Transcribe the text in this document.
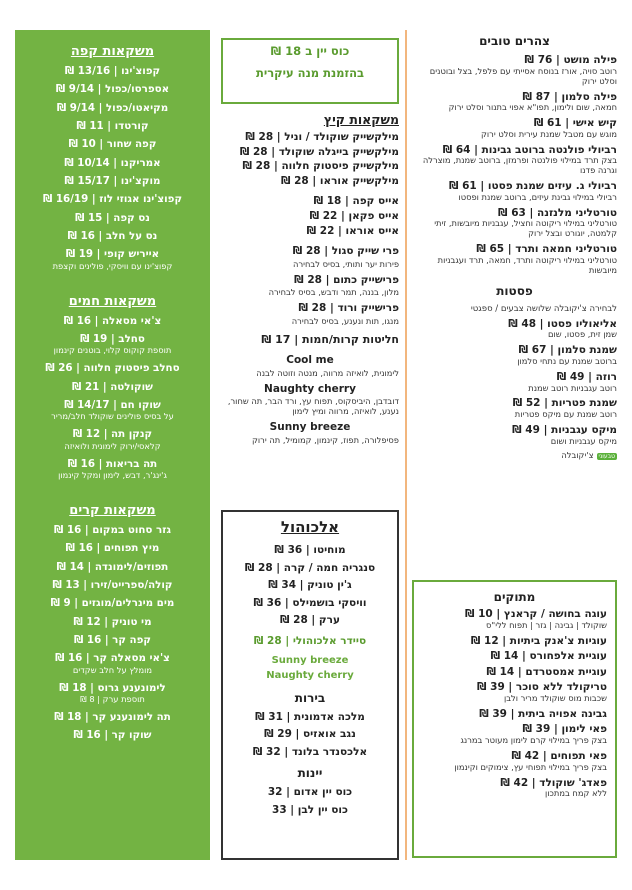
צהרים טובים
פילה מושט | 76 ₪
רוטב סויה, אורז בנוסח אסייתי עם פלפל, בצל ובוטנים וסלט ירוק
פילה סלמון | 87 ₪
חמאה, שום ולימון, תפו"א אפוי בתנור וסלט ירוק
קיש אישי | 61 ₪
מוגש עם מטבל שמנת עירית וסלט ירוק
רביולי פולנטה ברוטב גבינות | 64 ₪
בצק תרד במילוי פולנטה ופרמזן, ברוטב שמנת, מוצרלה וגרנה פדנו
רביולי ג. עיזים שמנת פסטו | 61 ₪
רביולי במילוי גבינת עיזים, ברוטב שמנת ופסטו
טורטליני מלנזנה | 63 ₪
טורטליני במילוי ריקוטה וחציל, עגבניות מיובשות, זיתי קלמטה, יוגורט ובצל ירוק
טורטליני חמאה ותרד | 65 ₪
טורטליני במילוי ריקוטה ותרד, חמאה, תרד ועגבניות מיובשות
פסטות
לבחירה צ'יקובלה שלושה צבעים / ספגטי
אליאוליו פסטו | 48 ₪
שמן זית, פסטו, שום
שמנת סלמון | 67 ₪
ברוטב שמנת עם נתחי סלמון
רוזה | 49 ₪
רוטב עגבניות רוטב שמנת
שמנת פטריות | 52 ₪
רוטב שמנת עם מיקס פטריות
מיקס עגבניות | 49 ₪
מיקס עגבניות ושום
טבעוניצ'יקובלה
מתוקים
עוגה בחושה / קראנץ | 10 ₪
שוקולד | גבינה | גזר | תפוח ללי"ס
עוגיות צ'אנק ביתיות | 12 ₪
עוגיית אלפחורס | 14 ₪
עוגיית אמסטרדם | 14 ₪
טריקולד ללא סוכר | 39 ₪
שכבות מוס שוקולד מריר ולבן
גבינה אפויה ביתית | 39 ₪
פאי לימון | 39 ₪
בצק פריך במילוי קרם לימון מעוטר במרנג
פאי תפוחים | 42 ₪
בצק פריך במילוי תפוחי עץ, צימוקים וקינמון
פאדג' שוקולד | 42 ₪
ללא קמח במתכון
כוס יין ב 18 ₪
בהזמנת מנה עיקרית
משקאות קיץ
מילקשייק שוקולד / וניל | 28 ₪
מילקשייק בייגלה שוקולד | 28 ₪
מילקשייק פיסטוק חלווה | 28 ₪
מילקשייק אוראו | 28 ₪
אייס קפה | 18 ₪
אייס פקאן | 22 ₪
אייס אוראו | 22 ₪
פרי שייק סגול | 28 ₪
פירות יער ותותי, בסיס לבחירה
פרישייק כתום | 28 ₪
מלון, בננה, תמר ודבש, בסיס לבחירה
פרישייק ורוד | 28 ₪
מנגו, תות ונענע, בסיס לבחירה
חליטות קרות/חמות | 17 ₪
Cool me
לימונית, לואיזה מרווה, מנטה וזוטה לבנה
Naughty cherry
דובדבן, היביסקוס, תפוח עץ, ורד הבר, תה שחור, נענע, לואיזה, מרווה ומיץ לימון
Sunny breeze
פסיפלורה, תפוז, קינמון, קמומיל, תה ירוק
אלכוהול
מוחיטו | 36 ₪
סנגריה חמה / קרה | 28 ₪
ג'ין טוניק | 34 ₪
וויסקי בושמילס | 36 ₪
ערק | 28 ₪
סיידר אלכוהולי | 28 ₪
Sunny breeze
Naughty cherry
בירות
מלכה אדמונית | 31 ₪
נגב אואזיס | 29 ₪
אלכסנדר בלונד | 32 ₪
יינות
כוס יין אדום | 32
כוס יין לבן | 33
משקאות קפה
קפוצ'ינו | 13/16 ₪
אספרסו/כפול | 9/14 ₪
מקיאטו/כפול | 9/14 ₪
קורטדו | 11 ₪
קפה שחור | 10 ₪
אמריקנו | 10/14 ₪
מוקצ'ינו | 15/17 ₪
קפוצ'ינו אגוזי לוז | 16/19 ₪
נס קפה | 15 ₪
נס על חלב | 16 ₪
אייריש קופי | 19 ₪
קפוצ'ינו עם וויסקי, פולינים וקצפת
משקאות חמים
צ'אי מסאלה | 16 ₪
סחלב | 19 ₪
תוספת קוקוס קלוי, בוטנים קינמון
סחלב פיסטוק חלווה | 26 ₪
שוקולטה | 21 ₪
שוקו חם | 14/17 ₪
על בסיס פולינים שוקולד חלב/מריר
קנקן תה | 12 ₪
קלאסי/ירוק לימונית ולואיזה
תה בריאות | 16 ₪
ג'ינג'ר, דבש, לימון ומקל קינמון
משקאות קרים
גזר סחוט במקום | 16 ₪
מיץ תפוחים | 16 ₪
תפוזים/לימונדה | 14 ₪
קולה/ספרייט/זירו | 13 ₪
מים מינרלים/מוגזים | 9 ₪
מי טוניק | 12 ₪
קפה קר | 16 ₪
צ'אי מסאלה קר | 16 ₪
מומלץ על חלב שקדים
לימונענע גרוס | 18 ₪
תוספת ערק | 8 ₪
תה לימונענע קר | 18 ₪
שוקו קר | 16 ₪
